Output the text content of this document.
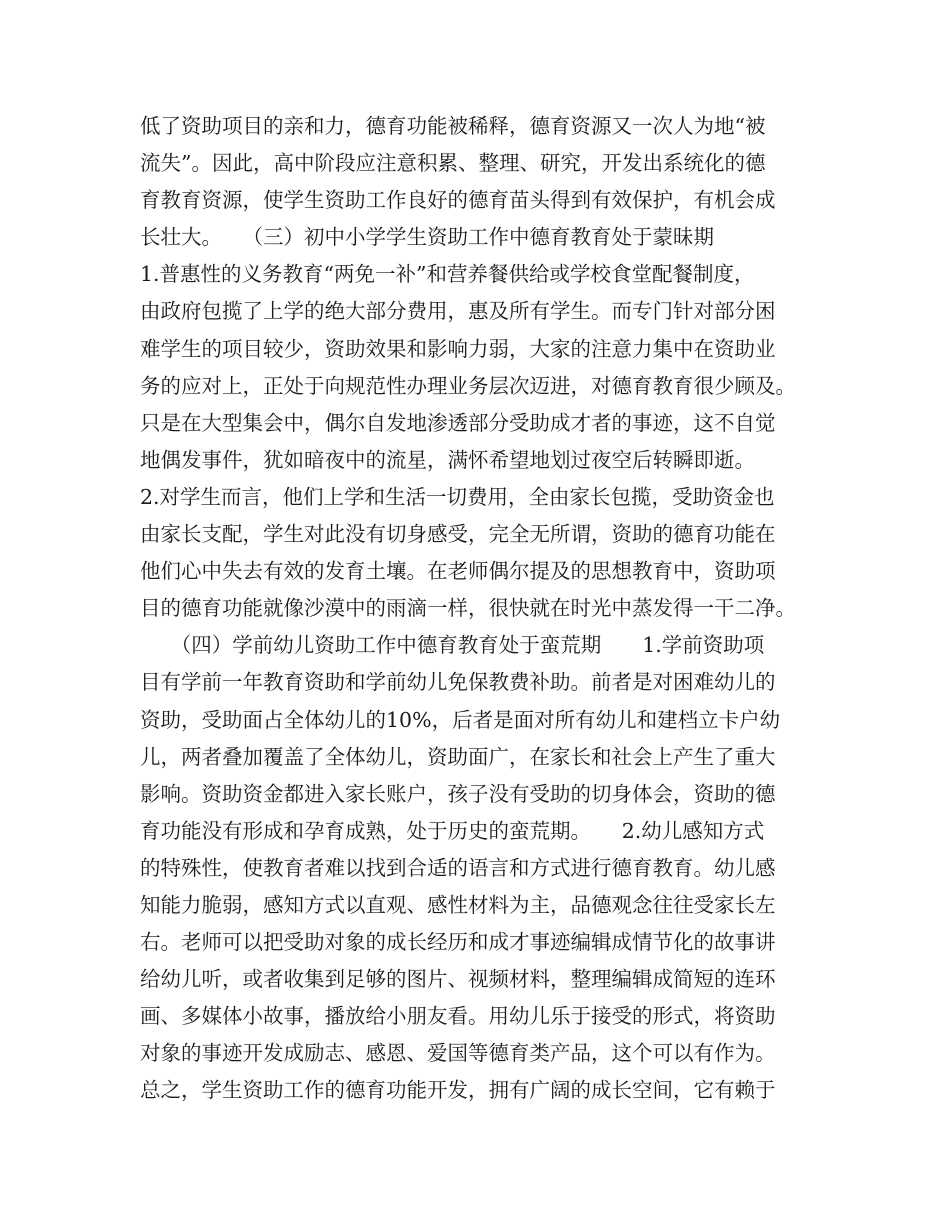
低了资助项目的亲和力，德育功能被稀释，德育资源又一次人为地“被
流失”。因此，高中阶段应注意积累、整理、研究，开发出系统化的德
育教育资源，使学生资助工作良好的德育苗头得到有效保护，有机会成
长壮大。　　（三）初中小学学生资助工作中德育教育处于蒙昧期
1.普惠性的义务教育“两免一补”和营养餐供给或学校食堂配餐制度，
由政府包揽了上学的绝大部分费用，惠及所有学生。而专门针对部分困
难学生的项目较少，资助效果和影响力弱，大家的注意力集中在资助业
务的应对上，正处于向规范性办理业务层次迈进，对德育教育很少顾及。
只是在大型集会中，偶尔自发地渗透部分受助成才者的事迹，这不自觉
地偶发事件，犹如暗夜中的流星，满怀希望地划过夜空后转瞬即逝。
2.对学生而言，他们上学和生活一切费用，全由家长包揽，受助资金也
由家长支配，学生对此没有切身感受，完全无所谓，资助的德育功能在
他们心中失去有效的发育土壤。在老师偶尔提及的思想教育中，资助项
目的德育功能就像沙漠中的雨滴一样，很快就在时光中蒸发得一干二净。
　　（四）学前幼儿资助工作中德育教育处于蛮荒期　　1.学前资助项
目有学前一年教育资助和学前幼儿免保教费补助。前者是对困难幼儿的
资助，受助面占全体幼儿的10%，后者是面对所有幼儿和建档立卡户幼
儿，两者叠加覆盖了全体幼儿，资助面广，在家长和社会上产生了重大
影响。资助资金都进入家长账户，孩子没有受助的切身体会，资助的德
育功能没有形成和孕育成熟，处于历史的蛮荒期。　　2.幼儿感知方式
的特殊性，使教育者难以找到合适的语言和方式进行德育教育。幼儿感
知能力脆弱，感知方式以直观、感性材料为主，品德观念往往受家长左
右。老师可以把受助对象的成长经历和成才事迹编辑成情节化的故事讲
给幼儿听，或者收集到足够的图片、视频材料，整理编辑成简短的连环
画、多媒体小故事，播放给小朋友看。用幼儿乐于接受的形式，将资助
对象的事迹开发成励志、感恩、爱国等德育类产品，这个可以有作为。
总之，学生资助工作的德育功能开发，拥有广阔的成长空间，它有赖于
